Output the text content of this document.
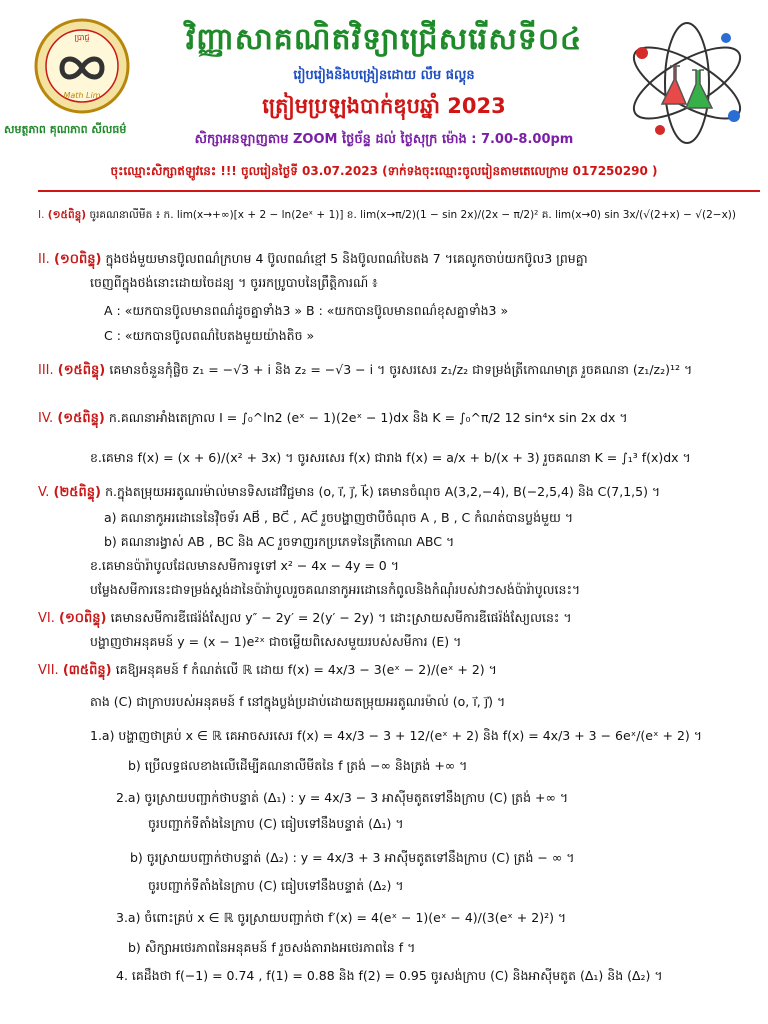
ប្រាជ្ញ
Math Lim
វិញ្ញាសាគណិតវិទ្យាជ្រើសរើសទី០៤
រៀបរៀងនិងបង្រៀនដោយ លឹម ផល្គុន
ត្រៀមប្រឡងបាក់ឌុបឆ្នាំ 2023
សមត្ថភាព គុណភាព សីលធម៌
សិក្សាអនឡាញតាម ZOOM ថ្ងៃច័ន្ទ ដល់ ថ្ងៃសុក្រ ម៉ោង : 7.00-8.00pm
ចុះឈ្មោះសិក្សាឥឡូវនេះ !!! ចូលរៀនថ្ងៃទី 03.07.2023 (ទាក់ទងចុះឈ្មោះចូលរៀនតាមតេលេក្រាម 017250290 )
I. (១៥ពិន្ទុ) ចូរគណនាលីមីត ៖ ក. lim(x→+∞)[x + 2 − ln(2eˣ + 1)] ខ. lim(x→π/2)(1 − sin 2x)/(2x − π/2)² គ. lim(x→0) sin 3x/(√(2+x) − √(2−x))
II. (១០ពិន្ទុ) ក្នុងថង់មួយមានប៊ូលពណ៌ក្រហម 4 ប៊ូលពណ៌ខ្មៅ 5 និងប៊ូលពណ៌បៃតង 7 ។គេលូកចាប់យកប៊ូល3 ព្រមគ្នា
ចេញពីក្នុងថង់នោះដោយចៃដន្យ ។ ចូររកប្រូបាបនៃព្រឹត្តិការណ៍ ៖
A : «យកបានប៊ូលមានពណ៌ដូចគ្នាទាំង3 » B : «យកបានប៊ូលមានពណ៌ខុសគ្នាទាំង3 »
C : «យកបានប៊ូលពណ៌បៃតងមួយយ៉ាងតិច »
III. (១៥ពិន្ទុ) គេមានចំនួនកុំផ្លិច z₁ = −√3 + i និង z₂ = −√3 − i ។ ចូរសរសេរ z₁/z₂ ជាទម្រង់ត្រីកោណមាត្រ រួចគណនា (z₁/z₂)¹² ។
IV. (១៥ពិន្ទុ) ក.គណនាអាំងតេក្រាល I = ∫₀^ln2 (eˣ − 1)(2eˣ − 1)dx និង K = ∫₀^π/2 12 sin⁴x sin 2x dx ។
ខ.គេមាន f(x) = (x + 6)/(x² + 3x) ។ ចូរសរសេរ f(x) ជារាង f(x) = a/x + b/(x + 3) រួចគណនា K = ∫₁³ f(x)dx ។
V. (២៥ពិន្ទុ) ក.ក្នុងតម្រុយអរតូណរម៉ាល់មានទិសដៅវិជ្ជមាន (o, i⃗, j⃗, k⃗) គេមានចំណុច A(3,2,−4), B(−2,5,4) និង C(7,1,5) ។
a) គណនាកូអរដោនេនៃវ៉ិចទ័រ AB⃗ , BC⃗ , AC⃗ រួចបង្ហាញថាបីចំណុច A , B , C កំណត់បានប្លង់មួយ ។
b) គណនារង្វាស់ AB , BC និង AC រួចទាញរកប្រភេទនៃត្រីកោណ ABC ។
ខ.គេមានប៉ារ៉ាបូលដែលមានសមីការទូទៅ x² − 4x − 4y = 0 ។
បម្លែងសមីការនេះជាទម្រង់ស្តង់ដានៃប៉ារ៉ាបូលរួចគណនាកូអរដោនេកំពូលនិងកំណុំរបស់វាៗសង់ប៉ារ៉ាបូលនេះ។
VI. (១០ពិន្ទុ) គេមានសមីការឌីផេរ៉ង់ស្យែល y″ − 2y′ = 2(y′ − 2y) ។ ដោះស្រាយសមីការឌីផេរ៉ង់ស្យែលនេះ ។
បង្ហាញថាអនុគមន៍ y = (x − 1)e²ˣ ជាចម្លើយពិសេសមួយរបស់សមីការ (E) ។
VII. (៣៥ពិន្ទុ) គេឱ្យអនុគមន៍ f កំណត់លើ ℝ ដោយ f(x) = 4x/3 − 3(eˣ − 2)/(eˣ + 2) ។
តាង (C) ជាក្រាបរបស់អនុគមន៍ f នៅក្នុងប្លង់ប្រដាប់ដោយតម្រុយអរតូណរម៉ាល់ (o, i⃗, j⃗) ។
1.a) បង្ហាញថាគ្រប់ x ∈ ℝ គេអាចសរសេរ f(x) = 4x/3 − 3 + 12/(eˣ + 2) និង f(x) = 4x/3 + 3 − 6eˣ/(eˣ + 2) ។
b) ប្រើលទ្ធផលខាងលើដើម្បីគណនាលីមីតនៃ f ត្រង់ −∞ និងត្រង់ +∞ ។
2.a) ចូរស្រាយបញ្ជាក់ថាបន្ទាត់ (Δ₁) : y = 4x/3 − 3 អាស៊ីមតូតទៅនឹងក្រាប (C) ត្រង់ +∞ ។
ចូរបញ្ជាក់ទីតាំងនៃក្រាប (C) ធៀបទៅនឹងបន្ទាត់ (Δ₁) ។
b) ចូរស្រាយបញ្ជាក់ថាបន្ទាត់ (Δ₂) : y = 4x/3 + 3 អាស៊ីមតូតទៅនឹងក្រាប (C) ត្រង់ − ∞ ។
ចូរបញ្ជាក់ទីតាំងនៃក្រាប (C) ធៀបទៅនឹងបន្ទាត់ (Δ₂) ។
3.a) ចំពោះគ្រប់ x ∈ ℝ ចូរស្រាយបញ្ជាក់ថា f′(x) = 4(eˣ − 1)(eˣ − 4)/(3(eˣ + 2)²) ។
b) សិក្សាអថេរភាពនៃអនុគមន៍ f រួចសង់តារាងអថេរភាពនៃ f ។
4. គេដឹងថា f(−1) = 0.74 , f(1) = 0.88 និង f(2) = 0.95 ចូរសង់ក្រាប (C) និងអាស៊ីមតូត (Δ₁) និង (Δ₂) ។
